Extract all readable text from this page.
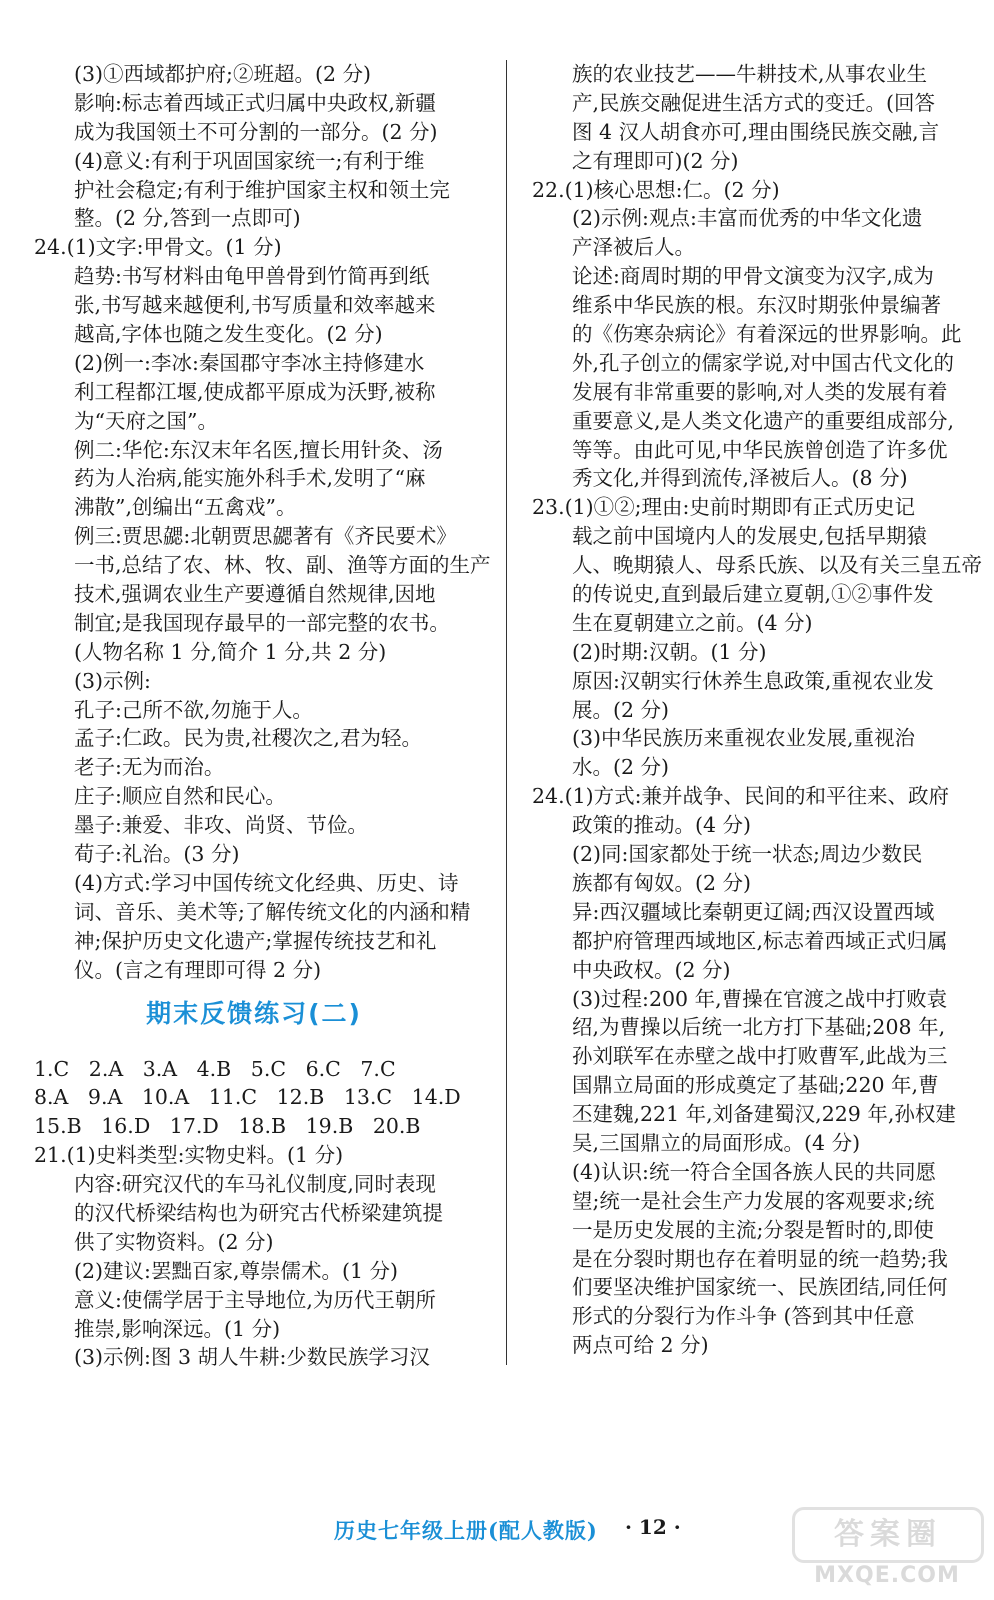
(3)①西域都护府;②班超。(2 分)
影响:标志着西域正式归属中央政权,新疆
成为我国领土不可分割的一部分。(2 分)
(4)意义:有利于巩固国家统一;有利于维
护社会稳定;有利于维护国家主权和领土完
整。(2 分,答到一点即可)
24.(1)文字:甲骨文。(1 分)
趋势:书写材料由龟甲兽骨到竹简再到纸
张,书写越来越便利,书写质量和效率越来
越高,字体也随之发生变化。(2 分)
(2)例一:李冰:秦国郡守李冰主持修建水
利工程都江堰,使成都平原成为沃野,被称
为“天府之国”。
例二:华佗:东汉末年名医,擅长用针灸、汤
药为人治病,能实施外科手术,发明了“麻
沸散”,创编出“五禽戏”。
例三:贾思勰:北朝贾思勰著有《齐民要术》
一书,总结了农、林、牧、副、渔等方面的生产
技术,强调农业生产要遵循自然规律,因地
制宜;是我国现存最早的一部完整的农书。
(人物名称 1 分,简介 1 分,共 2 分)
(3)示例:
孔子:己所不欲,勿施于人。
孟子:仁政。民为贵,社稷次之,君为轻。
老子:无为而治。
庄子:顺应自然和民心。
墨子:兼爱、非攻、尚贤、节俭。
荀子:礼治。(3 分)
(4)方式:学习中国传统文化经典、历史、诗
词、音乐、美术等;了解传统文化的内涵和精
神;保护历史文化遗产;掌握传统技艺和礼
仪。(言之有理即可得 2 分)
期末反馈练习(二)
1.C   2.A   3.A   4.B   5.C   6.C   7.C
8.A   9.A   10.A   11.C   12.B   13.C   14.D
15.B   16.D   17.D   18.B   19.B   20.B
21.(1)史料类型:实物史料。(1 分)
内容:研究汉代的车马礼仪制度,同时表现
的汉代桥梁结构也为研究古代桥梁建筑提
供了实物资料。(2 分)
(2)建议:罢黜百家,尊崇儒术。(1 分)
意义:使儒学居于主导地位,为历代王朝所
推崇,影响深远。(1 分)
(3)示例:图 3 胡人牛耕:少数民族学习汉
族的农业技艺——牛耕技术,从事农业生
产,民族交融促进生活方式的变迁。(回答
图 4 汉人胡食亦可,理由围绕民族交融,言
之有理即可)(2 分)
22.(1)核心思想:仁。(2 分)
(2)示例:观点:丰富而优秀的中华文化遗
产泽被后人。
论述:商周时期的甲骨文演变为汉字,成为
维系中华民族的根。东汉时期张仲景编著
的《伤寒杂病论》有着深远的世界影响。此
外,孔子创立的儒家学说,对中国古代文化的
发展有非常重要的影响,对人类的发展有着
重要意义,是人类文化遗产的重要组成部分,
等等。由此可见,中华民族曾创造了许多优
秀文化,并得到流传,泽被后人。(8 分)
23.(1)①②;理由:史前时期即有正式历史记
载之前中国境内人的发展史,包括早期猿
人、晚期猿人、母系氏族、以及有关三皇五帝
的传说史,直到最后建立夏朝,①②事件发
生在夏朝建立之前。(4 分)
(2)时期:汉朝。(1 分)
原因:汉朝实行休养生息政策,重视农业发
展。(2 分)
(3)中华民族历来重视农业发展,重视治
水。(2 分)
24.(1)方式:兼并战争、民间的和平往来、政府
政策的推动。(4 分)
(2)同:国家都处于统一状态;周边少数民
族都有匈奴。(2 分)
异:西汉疆域比秦朝更辽阔;西汉设置西域
都护府管理西域地区,标志着西域正式归属
中央政权。(2 分)
(3)过程:200 年,曹操在官渡之战中打败袁
绍,为曹操以后统一北方打下基础;208 年,
孙刘联军在赤壁之战中打败曹军,此战为三
国鼎立局面的形成奠定了基础;220 年,曹
丕建魏,221 年,刘备建蜀汉,229 年,孙权建
吴,三国鼎立的局面形成。(4 分)
(4)认识:统一符合全国各族人民的共同愿
望;统一是社会生产力发展的客观要求;统
一是历史发展的主流;分裂是暂时的,即使
是在分裂时期也存在着明显的统一趋势;我
们要坚决维护国家统一、民族团结,同任何
形式的分裂行为作斗争 (答到其中任意
两点可给 2 分)
历史七年级上册(配人教版) · 12 ·	答案圈
MXQE.COM
